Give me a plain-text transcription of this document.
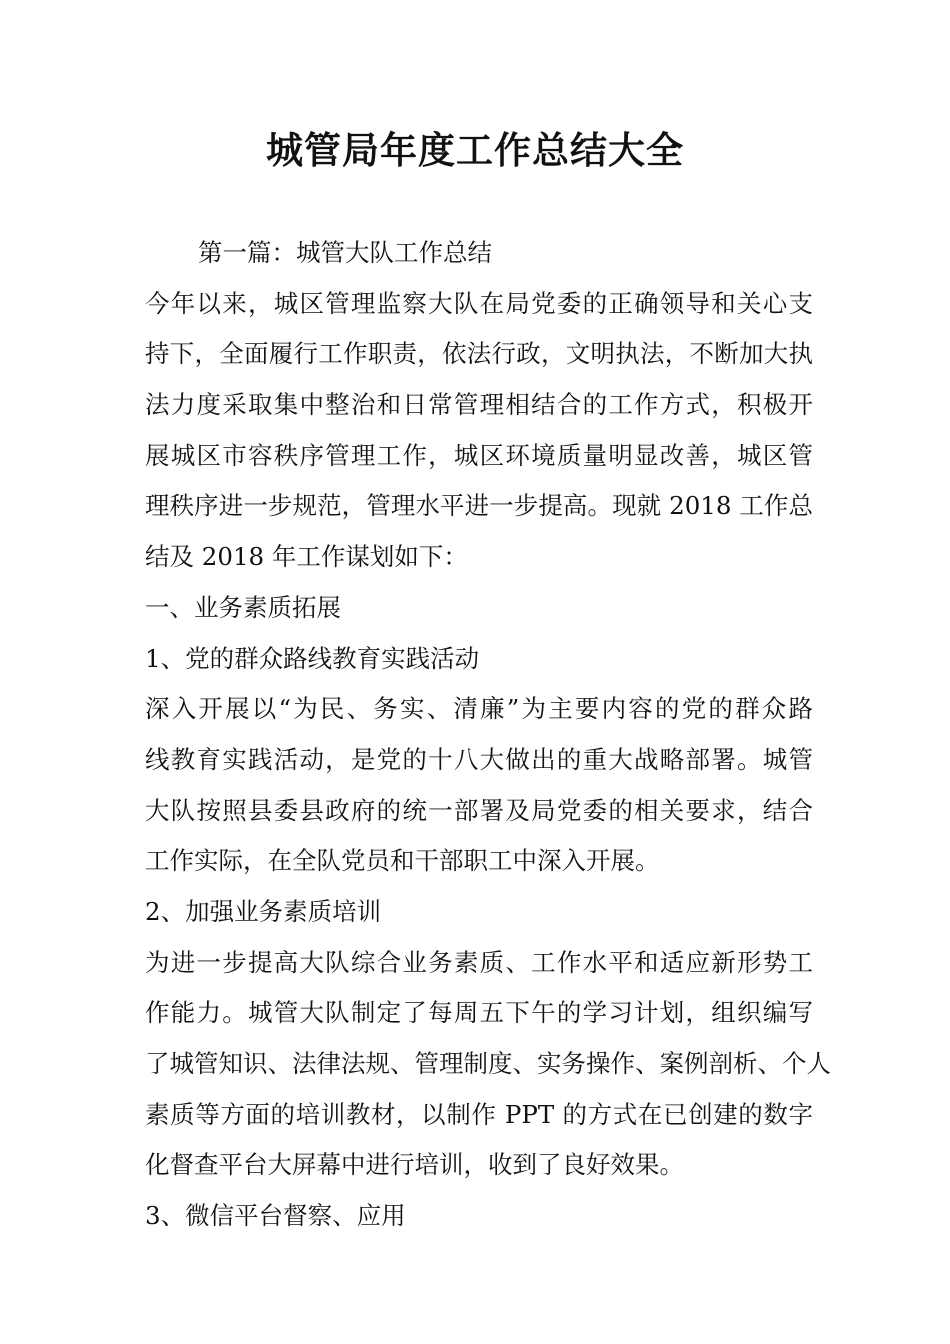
城管局年度工作总结大全
第一篇：城管大队工作总结
今年以来，城区管理监察大队在局党委的正确领导和关心支
持下，全面履行工作职责，依法行政，文明执法，不断加大执
法力度采取集中整治和日常管理相结合的工作方式，积极开
展城区市容秩序管理工作，城区环境质量明显改善，城区管
理秩序进一步规范，管理水平进一步提高。现就 2018 工作总
结及 2018 年工作谋划如下：
一、业务素质拓展
1、党的群众路线教育实践活动
深入开展以“为民、务实、清廉”为主要内容的党的群众路
线教育实践活动，是党的十八大做出的重大战略部署。城管
大队按照县委县政府的统一部署及局党委的相关要求，结合
工作实际，在全队党员和干部职工中深入开展。
2、加强业务素质培训
为进一步提高大队综合业务素质、工作水平和适应新形势工
作能力。城管大队制定了每周五下午的学习计划，组织编写
了城管知识、法律法规、管理制度、实务操作、案例剖析、个人
素质等方面的培训教材，以制作 PPT 的方式在已创建的数字
化督查平台大屏幕中进行培训，收到了良好效果。
3、微信平台督察、应用
